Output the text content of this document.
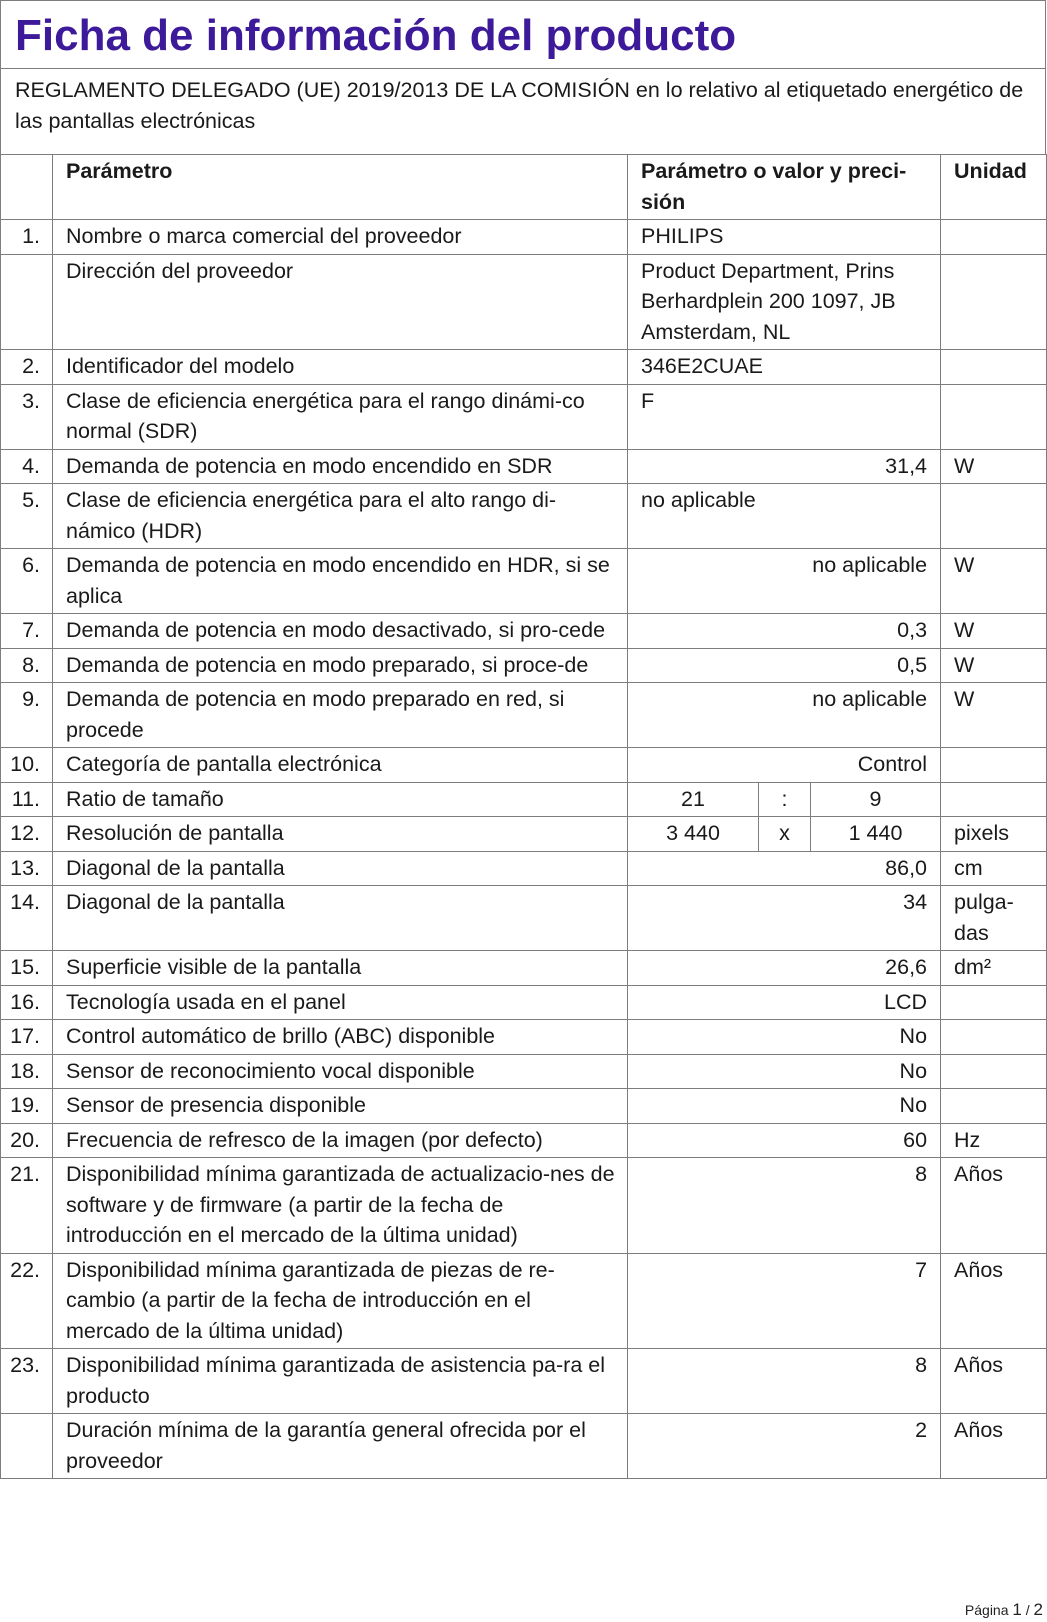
Ficha de información del producto
REGLAMENTO DELEGADO (UE) 2019/2013 DE LA COMISIÓN en lo relativo al etiquetado energético de las pantallas electrónicas
	Parámetro	Parámetro o valor y preci-sión			Unidad
1.	Nombre o marca comercial del proveedor	PHILIPS			
	Dirección del proveedor	Product Department, Prins Berhardplein 200 1097, JB Amsterdam, NL			
2.	Identificador del modelo	346E2CUAE			
3.	Clase de eficiencia energética para el rango dinámi-co normal (SDR)	F			
4.	Demanda de potencia en modo encendido en SDR	31,4			W
5.	Clase de eficiencia energética para el alto rango di-námico (HDR)	no aplicable			
6.	Demanda de potencia en modo encendido en HDR, si se aplica	no aplicable			W
7.	Demanda de potencia en modo desactivado, si pro-cede	0,3			W
8.	Demanda de potencia en modo preparado, si proce-de	0,5			W
9.	Demanda de potencia en modo preparado en red, si procede	no aplicable			W
10.	Categoría de pantalla electrónica	Control			
11.	Ratio de tamaño	21	:	9	
12.	Resolución de pantalla	3 440	x	1 440	pixels
13.	Diagonal de la pantalla	86,0			cm
14.	Diagonal de la pantalla	34			pulga-das
15.	Superficie visible de la pantalla	26,6			dm²
16.	Tecnología usada en el panel	LCD			
17.	Control automático de brillo (ABC) disponible	No			
18.	Sensor de reconocimiento vocal disponible	No			
19.	Sensor de presencia disponible	No			
20.	Frecuencia de refresco de la imagen (por defecto)	60			Hz
21.	Disponibilidad mínima garantizada de actualizacio-nes de software y de firmware (a partir de la fecha de introducción en el mercado de la última unidad)	8			Años
22.	Disponibilidad mínima garantizada de piezas de re-cambio (a partir de la fecha de introducción en el mercado de la última unidad)	7			Años
23.	Disponibilidad mínima garantizada de asistencia pa-ra el producto	8			Años
	Duración mínima de la garantía general ofrecida por el proveedor	2			Años
Página 1 / 2
